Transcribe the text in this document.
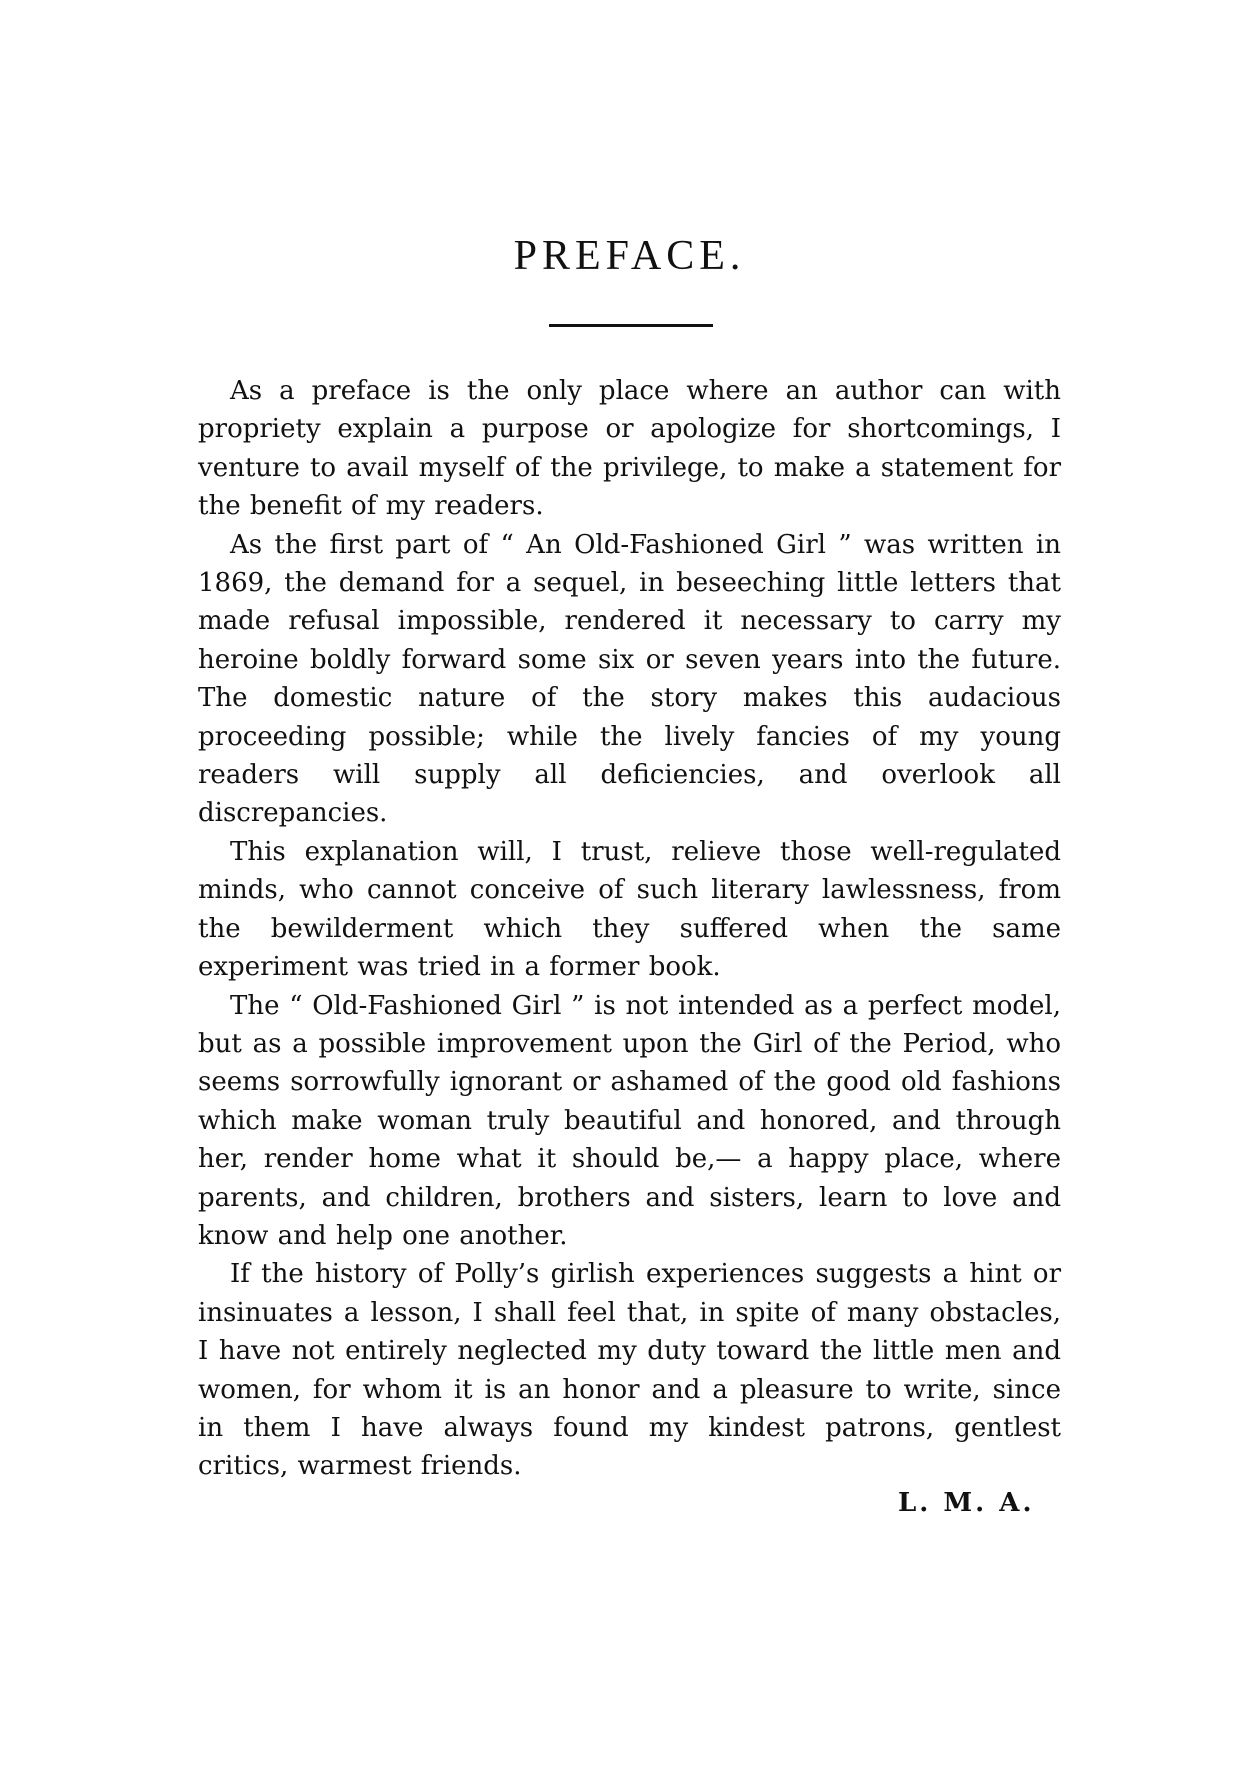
PREFACE.

As a preface is the only place where an author can with propriety explain a purpose or apologize for shortcomings, I venture to avail myself of the privilege, to make a statement for the benefit of my readers.

As the first part of “ An Old-Fashioned Girl ” was written in 1869, the demand for a sequel, in beseeching little letters that made refusal impossible, rendered it necessary to carry my heroine boldly forward some six or seven years into the future. The domestic nature of the story makes this audacious proceeding possible; while the lively fancies of my young readers will supply all deficiencies, and overlook all discrepancies.

This explanation will, I trust, relieve those well-regulated minds, who cannot conceive of such literary lawlessness, from the bewilderment which they suffered when the same experiment was tried in a former book.

The “ Old-Fashioned Girl ” is not intended as a perfect model, but as a possible improvement upon the Girl of the Period, who seems sorrowfully ignorant or ashamed of the good old fashions which make woman truly beautiful and honored, and through her, render home what it should be,— a happy place, where parents, and children, brothers and sisters, learn to love and know and help one another.

If the history of Polly’s girlish experiences suggests a hint or insinuates a lesson, I shall feel that, in spite of many obstacles, I have not entirely neglected my duty toward the little men and women, for whom it is an honor and a pleasure to write, since in them I have always found my kindest patrons, gentlest critics, warmest friends.

L. M. A.
